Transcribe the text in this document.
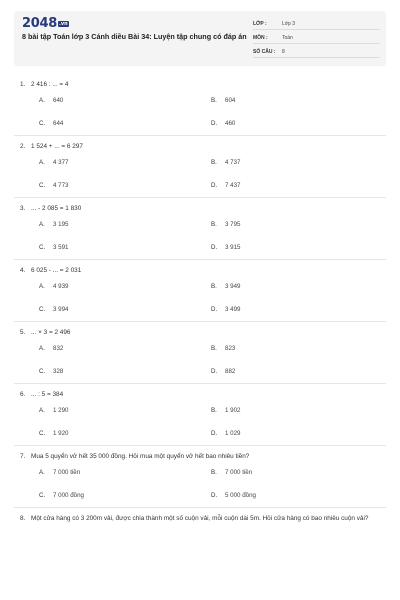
2048 .vn
8 bài tập Toán lớp 3 Cánh diều Bài 34: Luyện tập chung có đáp án
LỚP :	Lớp 3
MÔN :	Toán
SỐ CÂU :	8
1. 2 416 : ... = 4
A.	640	B.	604
C.	644	D.	460
2. 1 524 + ... = 6 297
A.	4 377	B.	4 737
C.	4 773	D.	7 437
3. ... - 2 085 = 1 830
A.	3 195	B.	3 795
C.	3 591	D.	3 915
4. 6 025 - ... = 2 031
A.	4 939	B.	3 949
C.	3 994	D.	3 499
5. ... × 3 = 2 496
A.	832	B.	823
C.	328	D.	882
6. ... : 5 = 384
A.	1 290	B.	1 902
C.	1 920	D.	1 029
7. Mua 5 quyển vở hết 35 000 đồng. Hỏi mua một quyển vở hết bao nhiêu tiền?
A.	7 000 tiền	B.	7 000 tiền
C.	7 000 đồng	D.	5 000 đồng
8. Một cửa hàng có 3 200m vải, được chia thành một số cuộn vải, mỗi cuộn dài 5m. Hỏi cửa hàng có bao nhiêu cuộn vải?
